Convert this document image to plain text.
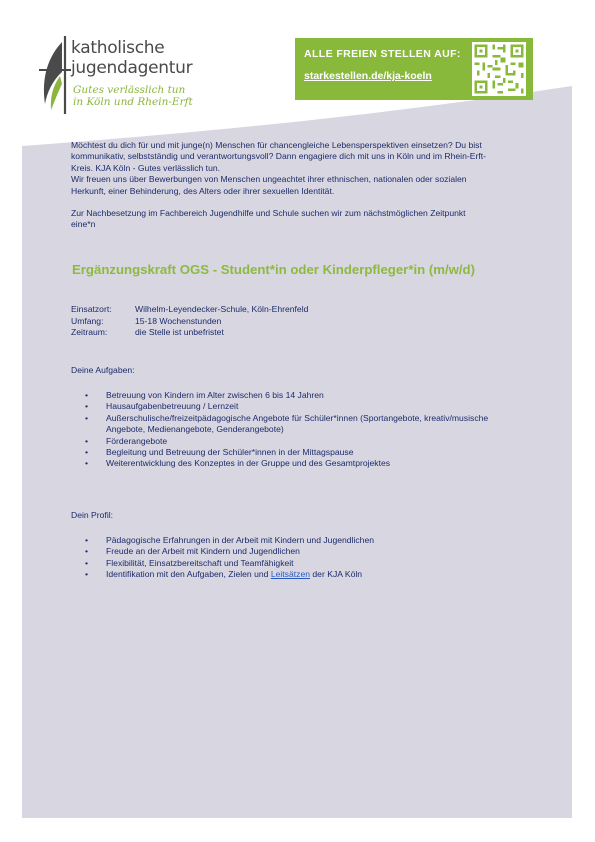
katholische
jugendagentur
Gutes verlässlich tun
in Köln und Rhein-Erft
ALLE FREIEN STELLEN AUF:
starkestellen.de/kja-koeln

Möchtest du dich für und mit junge(n) Menschen für chancengleiche Lebensperspektiven einsetzen? Du bist

kommunikativ, selbstständig und verantwortungsvoll? Dann engagiere dich mit uns in Köln und im Rhein-Erft-

Kreis. KJA Köln - Gutes verlässlich tun.

Wir freuen uns über Bewerbungen von Menschen ungeachtet ihrer ethnischen, nationalen oder sozialen

Herkunft, einer Behinderung, des Alters oder ihrer sexuellen Identität.

Zur Nachbesetzung im Fachbereich Jugendhilfe und Schule suchen wir zum nächstmöglichen Zeitpunkt

eine*n

Ergänzungskraft OGS - Student*in oder Kinderpfleger*in (m/w/d)
Einsatzort:	Wilhelm-Leyendecker-Schule, Köln-Ehrenfeld
Umfang:	15-18 Wochenstunden
Zeitraum:	die Stelle ist unbefristet

Deine Aufgaben:

• Betreuung von Kindern im Alter zwischen 6 bis 14 Jahren
• Hausaufgabenbetreuung / Lernzeit
• Außerschulische/freizeitpädagogische Angebote für Schüler*innen (Sportangebote, kreativ/musische Angebote, Medienangebote, Genderangebote)
• Förderangebote
• Begleitung und Betreuung der Schüler*innen in der Mittagspause
• Weiterentwicklung des Konzeptes in der Gruppe und des Gesamtprojektes

Dein Profil:

• Pädagogische Erfahrungen in der Arbeit mit Kindern und Jugendlichen
• Freude an der Arbeit mit Kindern und Jugendlichen
• Flexibilität, Einsatzbereitschaft und Teamfähigkeit
• Identifikation mit den Aufgaben, Zielen und Leitsätzen der KJA Köln
